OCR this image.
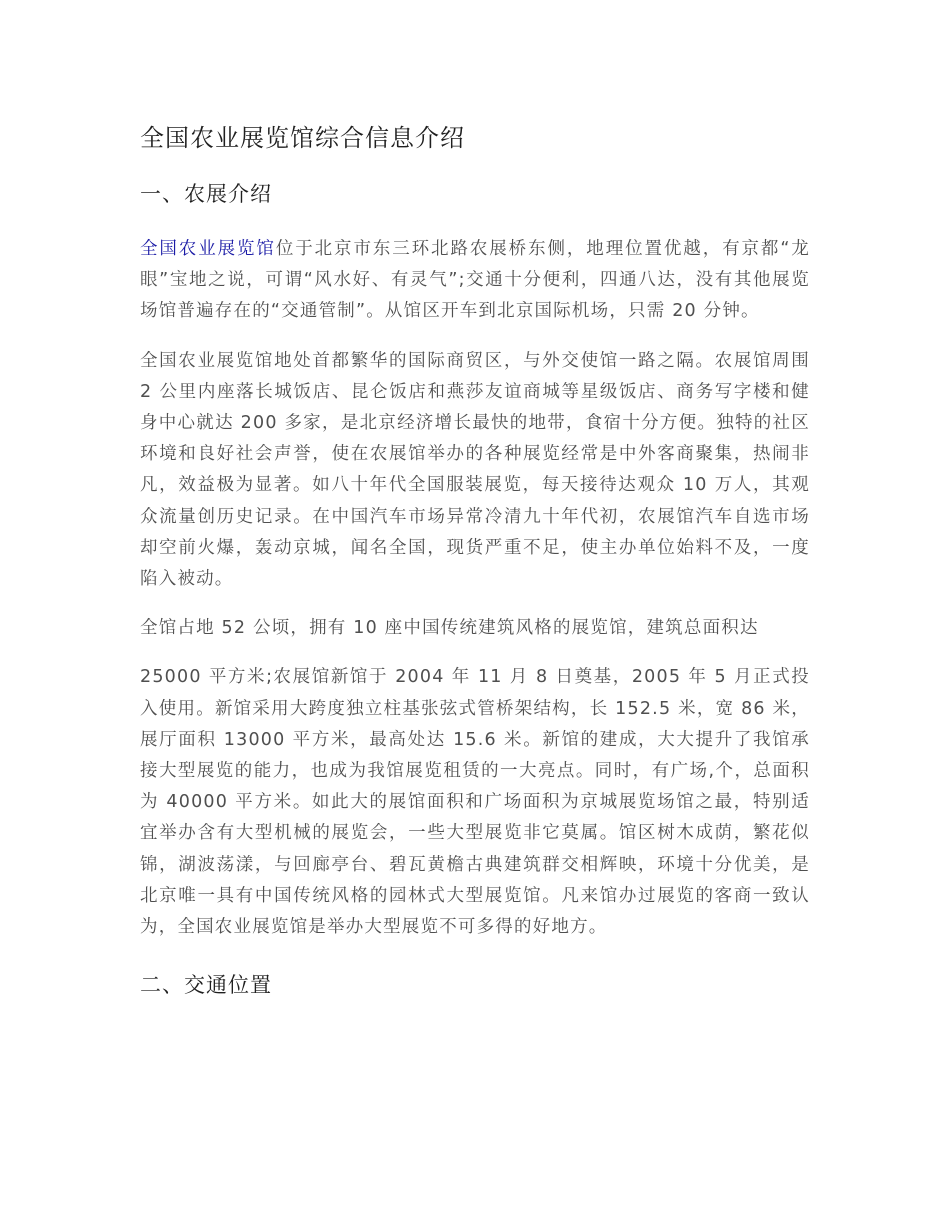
全国农业展览馆综合信息介绍
一、农展介绍

全国农业展览馆位于北京市东三环北路农展桥东侧，地理位置优越，有京都“龙眼”宝地之说，可谓“风水好、有灵气”;交通十分便利，四通八达，没有其他展览场馆普遍存在的“交通管制”。从馆区开车到北京国际机场，只需 20 分钟。

全国农业展览馆地处首都繁华的国际商贸区，与外交使馆一路之隔。农展馆周围 2 公里内座落长城饭店、昆仑饭店和燕莎友谊商城等星级饭店、商务写字楼和健身中心就达 200 多家，是北京经济增长最快的地带，食宿十分方便。独特的社区环境和良好社会声誉，使在农展馆举办的各种展览经常是中外客商聚集，热闹非凡，效益极为显著。如八十年代全国服装展览，每天接待达观众 10 万人，其观众流量创历史记录。在中国汽车市场异常冷清九十年代初，农展馆汽车自选市场却空前火爆，轰动京城，闻名全国，现货严重不足，使主办单位始料不及，一度陷入被动。

全馆占地 52 公顷，拥有 10 座中国传统建筑风格的展览馆，建筑总面积达

25000 平方米;农展馆新馆于 2004 年 11 月 8 日奠基，2005 年 5 月正式投入使用。新馆采用大跨度独立柱基张弦式管桥架结构，长 152.5 米，宽 86 米，展厅面积 13000 平方米，最高处达 15.6 米。新馆的建成，大大提升了我馆承接大型展览的能力，也成为我馆展览租赁的一大亮点。同时，有广场,个，总面积为 40000 平方米。如此大的展馆面积和广场面积为京城展览场馆之最，特别适宜举办含有大型机械的展览会，一些大型展览非它莫属。馆区树木成荫，繁花似锦，湖波荡漾，与回廊亭台、碧瓦黄檐古典建筑群交相辉映，环境十分优美，是北京唯一具有中国传统风格的园林式大型展览馆。凡来馆办过展览的客商一致认为，全国农业展览馆是举办大型展览不可多得的好地方。

二、交通位置
